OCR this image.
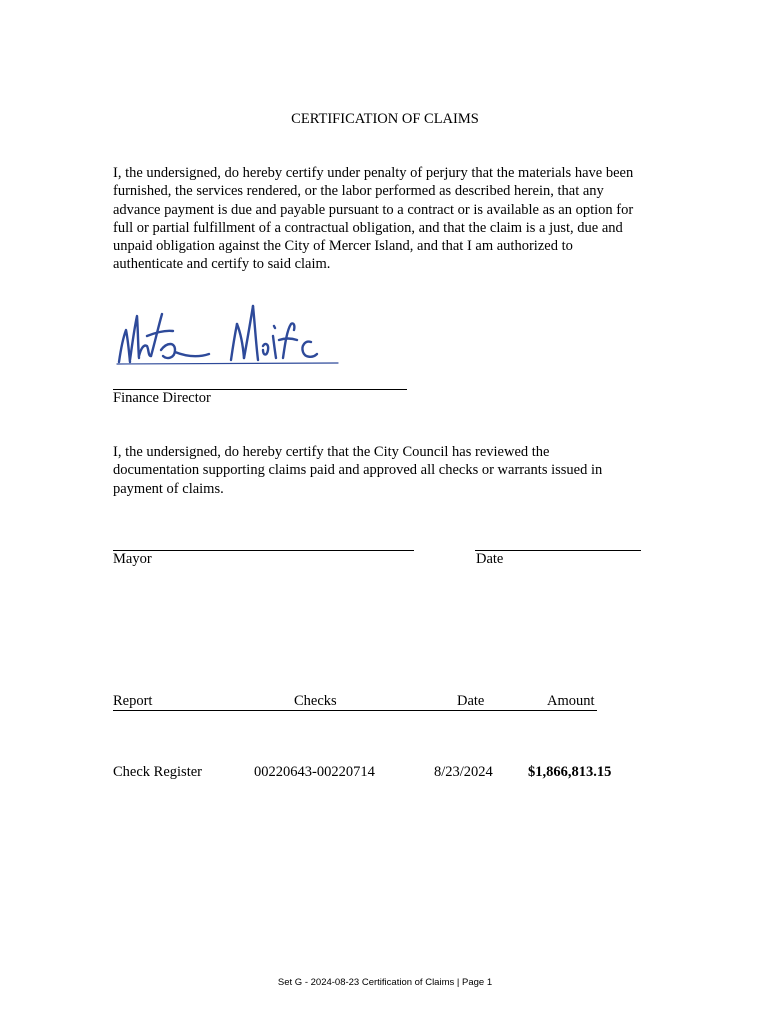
CERTIFICATION OF CLAIMS
I, the undersigned, do hereby certify under penalty of perjury that the materials have been
furnished, the services rendered, or the labor performed as described herein, that any
advance payment is due and payable pursuant to a contract or is available as an option for
full or partial fulfillment of a contractual obligation, and that the claim is a just, due and
unpaid obligation against the City of Mercer Island, and that I am authorized to
authenticate and certify to said claim.
Finance Director
I, the undersigned, do hereby certify that the City Council has reviewed the
documentation supporting claims paid and approved all checks or warrants issued in
payment of claims.
Mayor	Date
Report	Checks	Date	Amount
Check Register	00220643-00220714	8/23/2024 $1,866,813.15
Set G - 2024-08-23 Certification of Claims | Page 1
